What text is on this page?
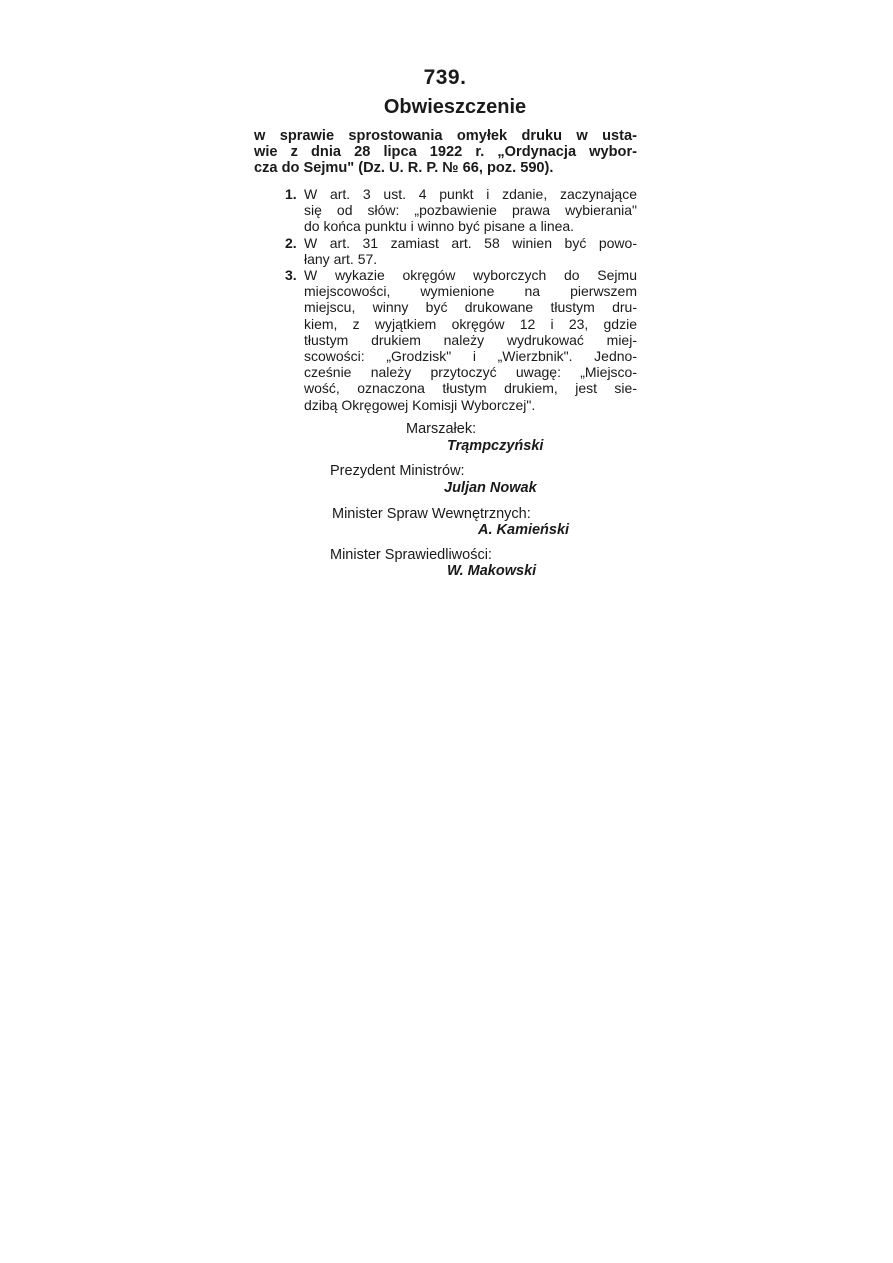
739.
Obwieszczenie
w sprawie sprostowania omyłek druku w usta-
wie z dnia 28 lipca 1922 r. „Ordynacja wybor-
cza do Sejmu" (Dz. U. R. P. № 66, poz. 590).
1. W art. 3 ust. 4 punkt i zdanie, zaczynające
się od słów: „pozbawienie prawa wybierania"
do końca punktu i winno być pisane a linea.
2. W art. 31 zamiast art. 58 winien być powo-
łany art. 57.
3. W wykazie okręgów wyborczych do Sejmu
miejscowości, wymienione na pierwszem
miejscu, winny być drukowane tłustym dru-
kiem, z wyjątkiem okręgów 12 i 23, gdzie
tłustym drukiem należy wydrukować miej-
scowości: „Grodzisk" i „Wierzbnik". Jedno-
cześnie należy przytoczyć uwagę: „Miejsco-
wość, oznaczona tłustym drukiem, jest sie-
dzibą Okręgowej Komisji Wyborczej".
Marszałek:
Trąmpczyński
Prezydent Ministrów:
Juljan Nowak
Minister Spraw Wewnętrznych:
A. Kamieński
Minister Sprawiedliwości:
W. Makowski
